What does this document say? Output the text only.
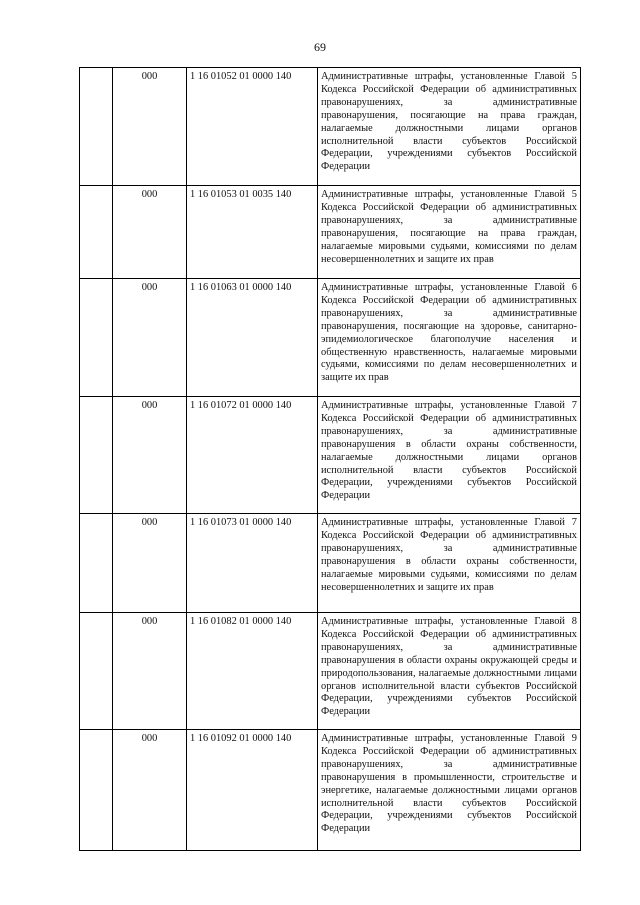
69
	000	1 16 01052 01 0000 140	Административные штрафы, установленные Главой 5 Кодекса Российской Федерации об административных правонарушениях, за административные правонарушения, посягающие на права граждан, налагаемые должностными лицами органов исполнительной власти субъектов Российской Федерации, учреждениями субъектов Российской Федерации
	000	1 16 01053 01 0035 140	Административные штрафы, установленные Главой 5 Кодекса Российской Федерации об административных правонарушениях, за административные правонарушения, посягающие на права граждан, налагаемые мировыми судьями, комиссиями по делам несовершеннолетних и защите их прав
	000	1 16 01063 01 0000 140	Административные штрафы, установленные Главой 6 Кодекса Российской Федерации об административных правонарушениях, за административные правонарушения, посягающие на здоровье, санитарно-эпидемиологическое благополучие населения и общественную нравственность, налагаемые мировыми судьями, комиссиями по делам несовершеннолетних и защите их прав
	000	1 16 01072 01 0000 140	Административные штрафы, установленные Главой 7 Кодекса Российской Федерации об административных правонарушениях, за административные правонарушения в области охраны собственности, налагаемые должностными лицами органов исполнительной власти субъектов Российской Федерации, учреждениями субъектов Российской Федерации
	000	1 16 01073 01 0000 140	Административные штрафы, установленные Главой 7 Кодекса Российской Федерации об административных правонарушениях, за административные правонарушения в области охраны собственности, налагаемые мировыми судьями, комиссиями по делам несовершеннолетних и защите их прав
	000	1 16 01082 01 0000 140	Административные штрафы, установленные Главой 8 Кодекса Российской Федерации об административных правонарушениях, за административные правонарушения в области охраны окружающей среды и природопользования, налагаемые должностными лицами органов исполнительной власти субъектов Российской Федерации, учреждениями субъектов Российской Федерации
	000	1 16 01092 01 0000 140	Административные штрафы, установленные Главой 9 Кодекса Российской Федерации об административных правонарушениях, за административные правонарушения в промышленности, строительстве и энергетике, налагаемые должностными лицами органов исполнительной власти субъектов Российской Федерации, учреждениями субъектов Российской Федерации
